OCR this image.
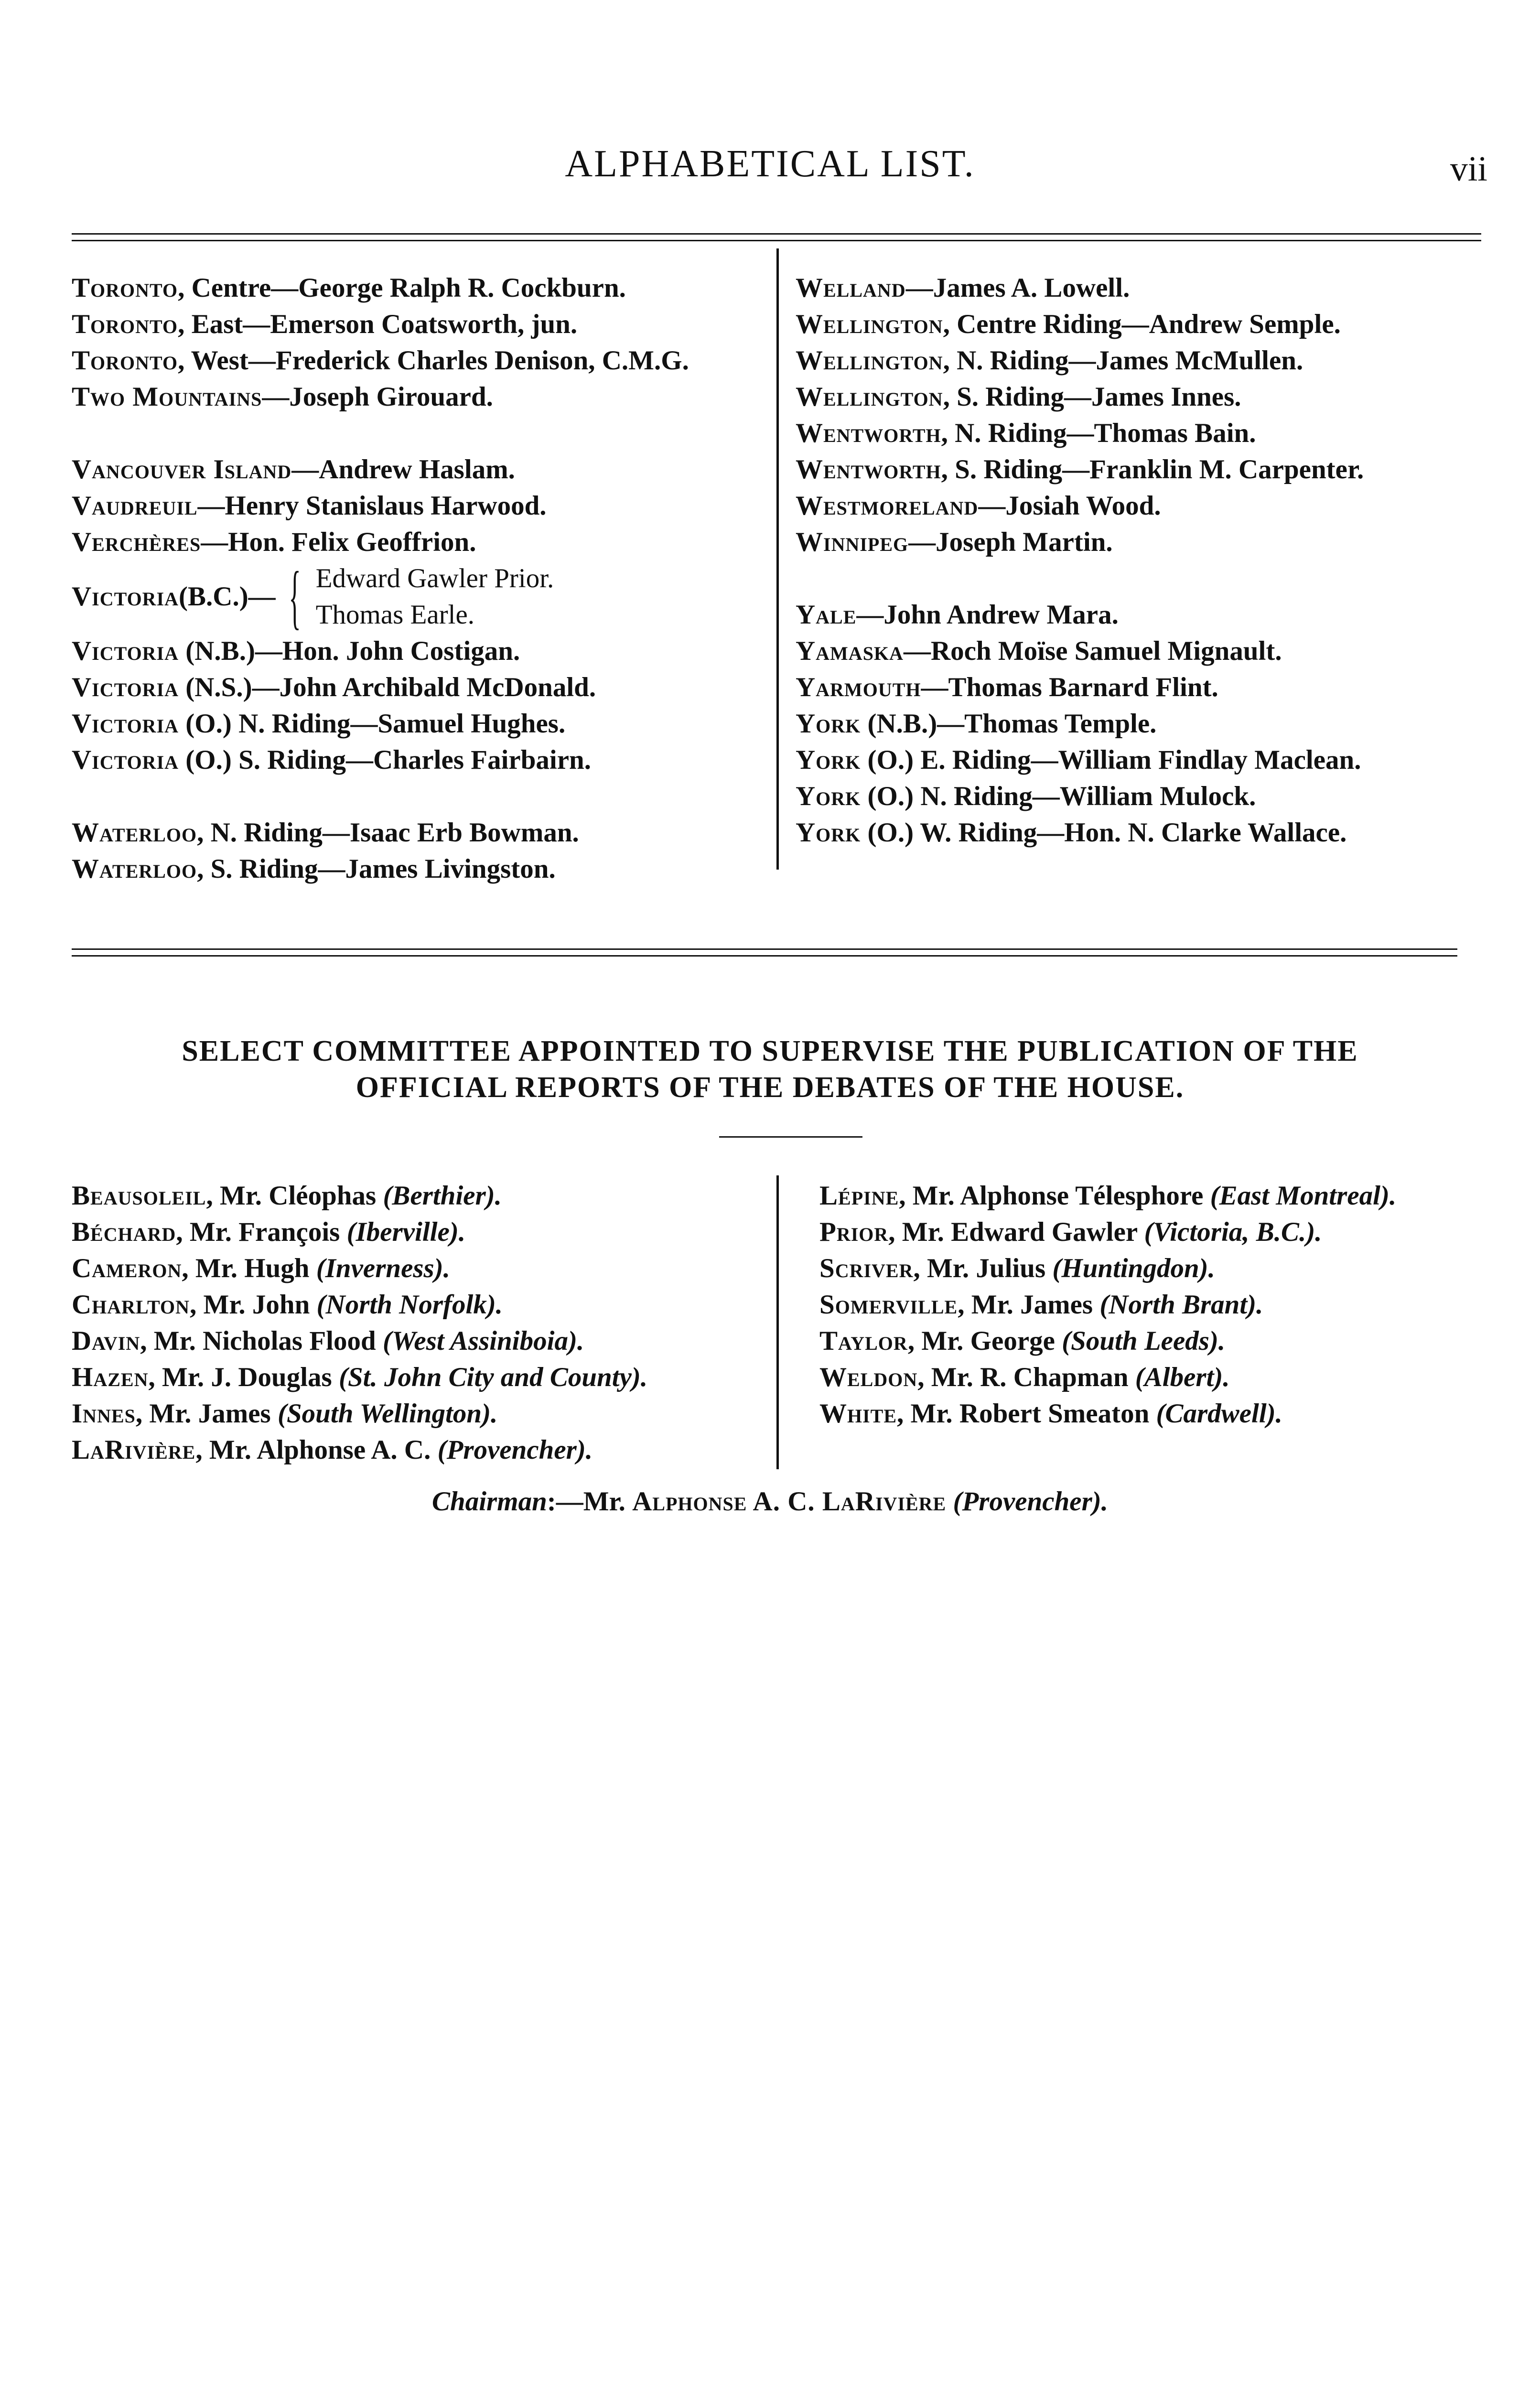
ALPHABETICAL LIST.	vii
Toronto, Centre—George Ralph R. Cockburn.
Toronto, East—Emerson Coatsworth, jun.
Toronto, West—Frederick Charles Denison, C.M.G.
Two Mountains—Joseph Girouard.
Vancouver Island—Andrew Haslam.
Vaudreuil—Henry Stanislaus Harwood.
Verchères—Hon. Felix Geoffrion.
Victoria (B.C.)— { Edward Gawler Prior.
Thomas Earle.
Victoria (N.B.)—Hon. John Costigan.
Victoria (N.S.)—John Archibald McDonald.
Victoria (O.) N. Riding—Samuel Hughes.
Victoria (O.) S. Riding—Charles Fairbairn.
Waterloo, N. Riding—Isaac Erb Bowman.
Waterloo, S. Riding—James Livingston.
Welland—James A. Lowell.
Wellington, Centre Riding—Andrew Semple.
Wellington, N. Riding—James McMullen.
Wellington, S. Riding—James Innes.
Wentworth, N. Riding—Thomas Bain.
Wentworth, S. Riding—Franklin M. Carpenter.
Westmoreland—Josiah Wood.
Winnipeg—Joseph Martin.
Yale—John Andrew Mara.
Yamaska—Roch Moïse Samuel Mignault.
Yarmouth—Thomas Barnard Flint.
York (N.B.)—Thomas Temple.
York (O.) E. Riding—William Findlay Maclean.
York (O.) N. Riding—William Mulock.
York (O.) W. Riding—Hon. N. Clarke Wallace.
SELECT COMMITTEE APPOINTED TO SUPERVISE THE PUBLICATION OF THE
OFFICIAL REPORTS OF THE DEBATES OF THE HOUSE.
Beausoleil, Mr. Cléophas (Berthier).
Béchard, Mr. François (Iberville).
Cameron, Mr. Hugh (Inverness).
Charlton, Mr. John (North Norfolk).
Davin, Mr. Nicholas Flood (West Assiniboia).
Hazen, Mr. J. Douglas (St. John City and County).
Innes, Mr. James (South Wellington).
LaRivière, Mr. Alphonse A. C. (Provencher).
Lépine, Mr. Alphonse Télesphore (East Montreal).
Prior, Mr. Edward Gawler (Victoria, B.C.).
Scriver, Mr. Julius (Huntingdon).
Somerville, Mr. James (North Brant).
Taylor, Mr. George (South Leeds).
Weldon, Mr. R. Chapman (Albert).
White, Mr. Robert Smeaton (Cardwell).
Chairman:—Mr. Alphonse A. C. LaRivière (Provencher).
